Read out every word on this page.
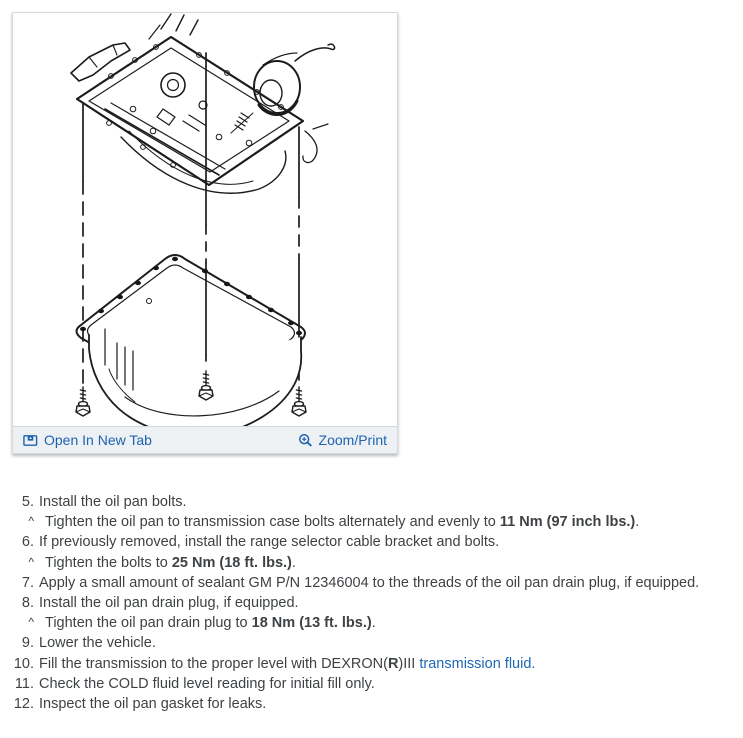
Open In New Tab	Zoom/Print
5. Install the oil pan bolts.
^ Tighten the oil pan to transmission case bolts alternately and evenly to 11 Nm (97 inch lbs.).
6. If previously removed, install the range selector cable bracket and bolts.
^ Tighten the bolts to 25 Nm (18 ft. lbs.).
7. Apply a small amount of sealant GM P/N 12346004 to the threads of the oil pan drain plug, if equipped.
8. Install the oil pan drain plug, if equipped.
^ Tighten the oil pan drain plug to 18 Nm (13 ft. lbs.).
9. Lower the vehicle.
10. Fill the transmission to the proper level with DEXRON(R)III transmission fluid.
11. Check the COLD fluid level reading for initial fill only.
12. Inspect the oil pan gasket for leaks.
